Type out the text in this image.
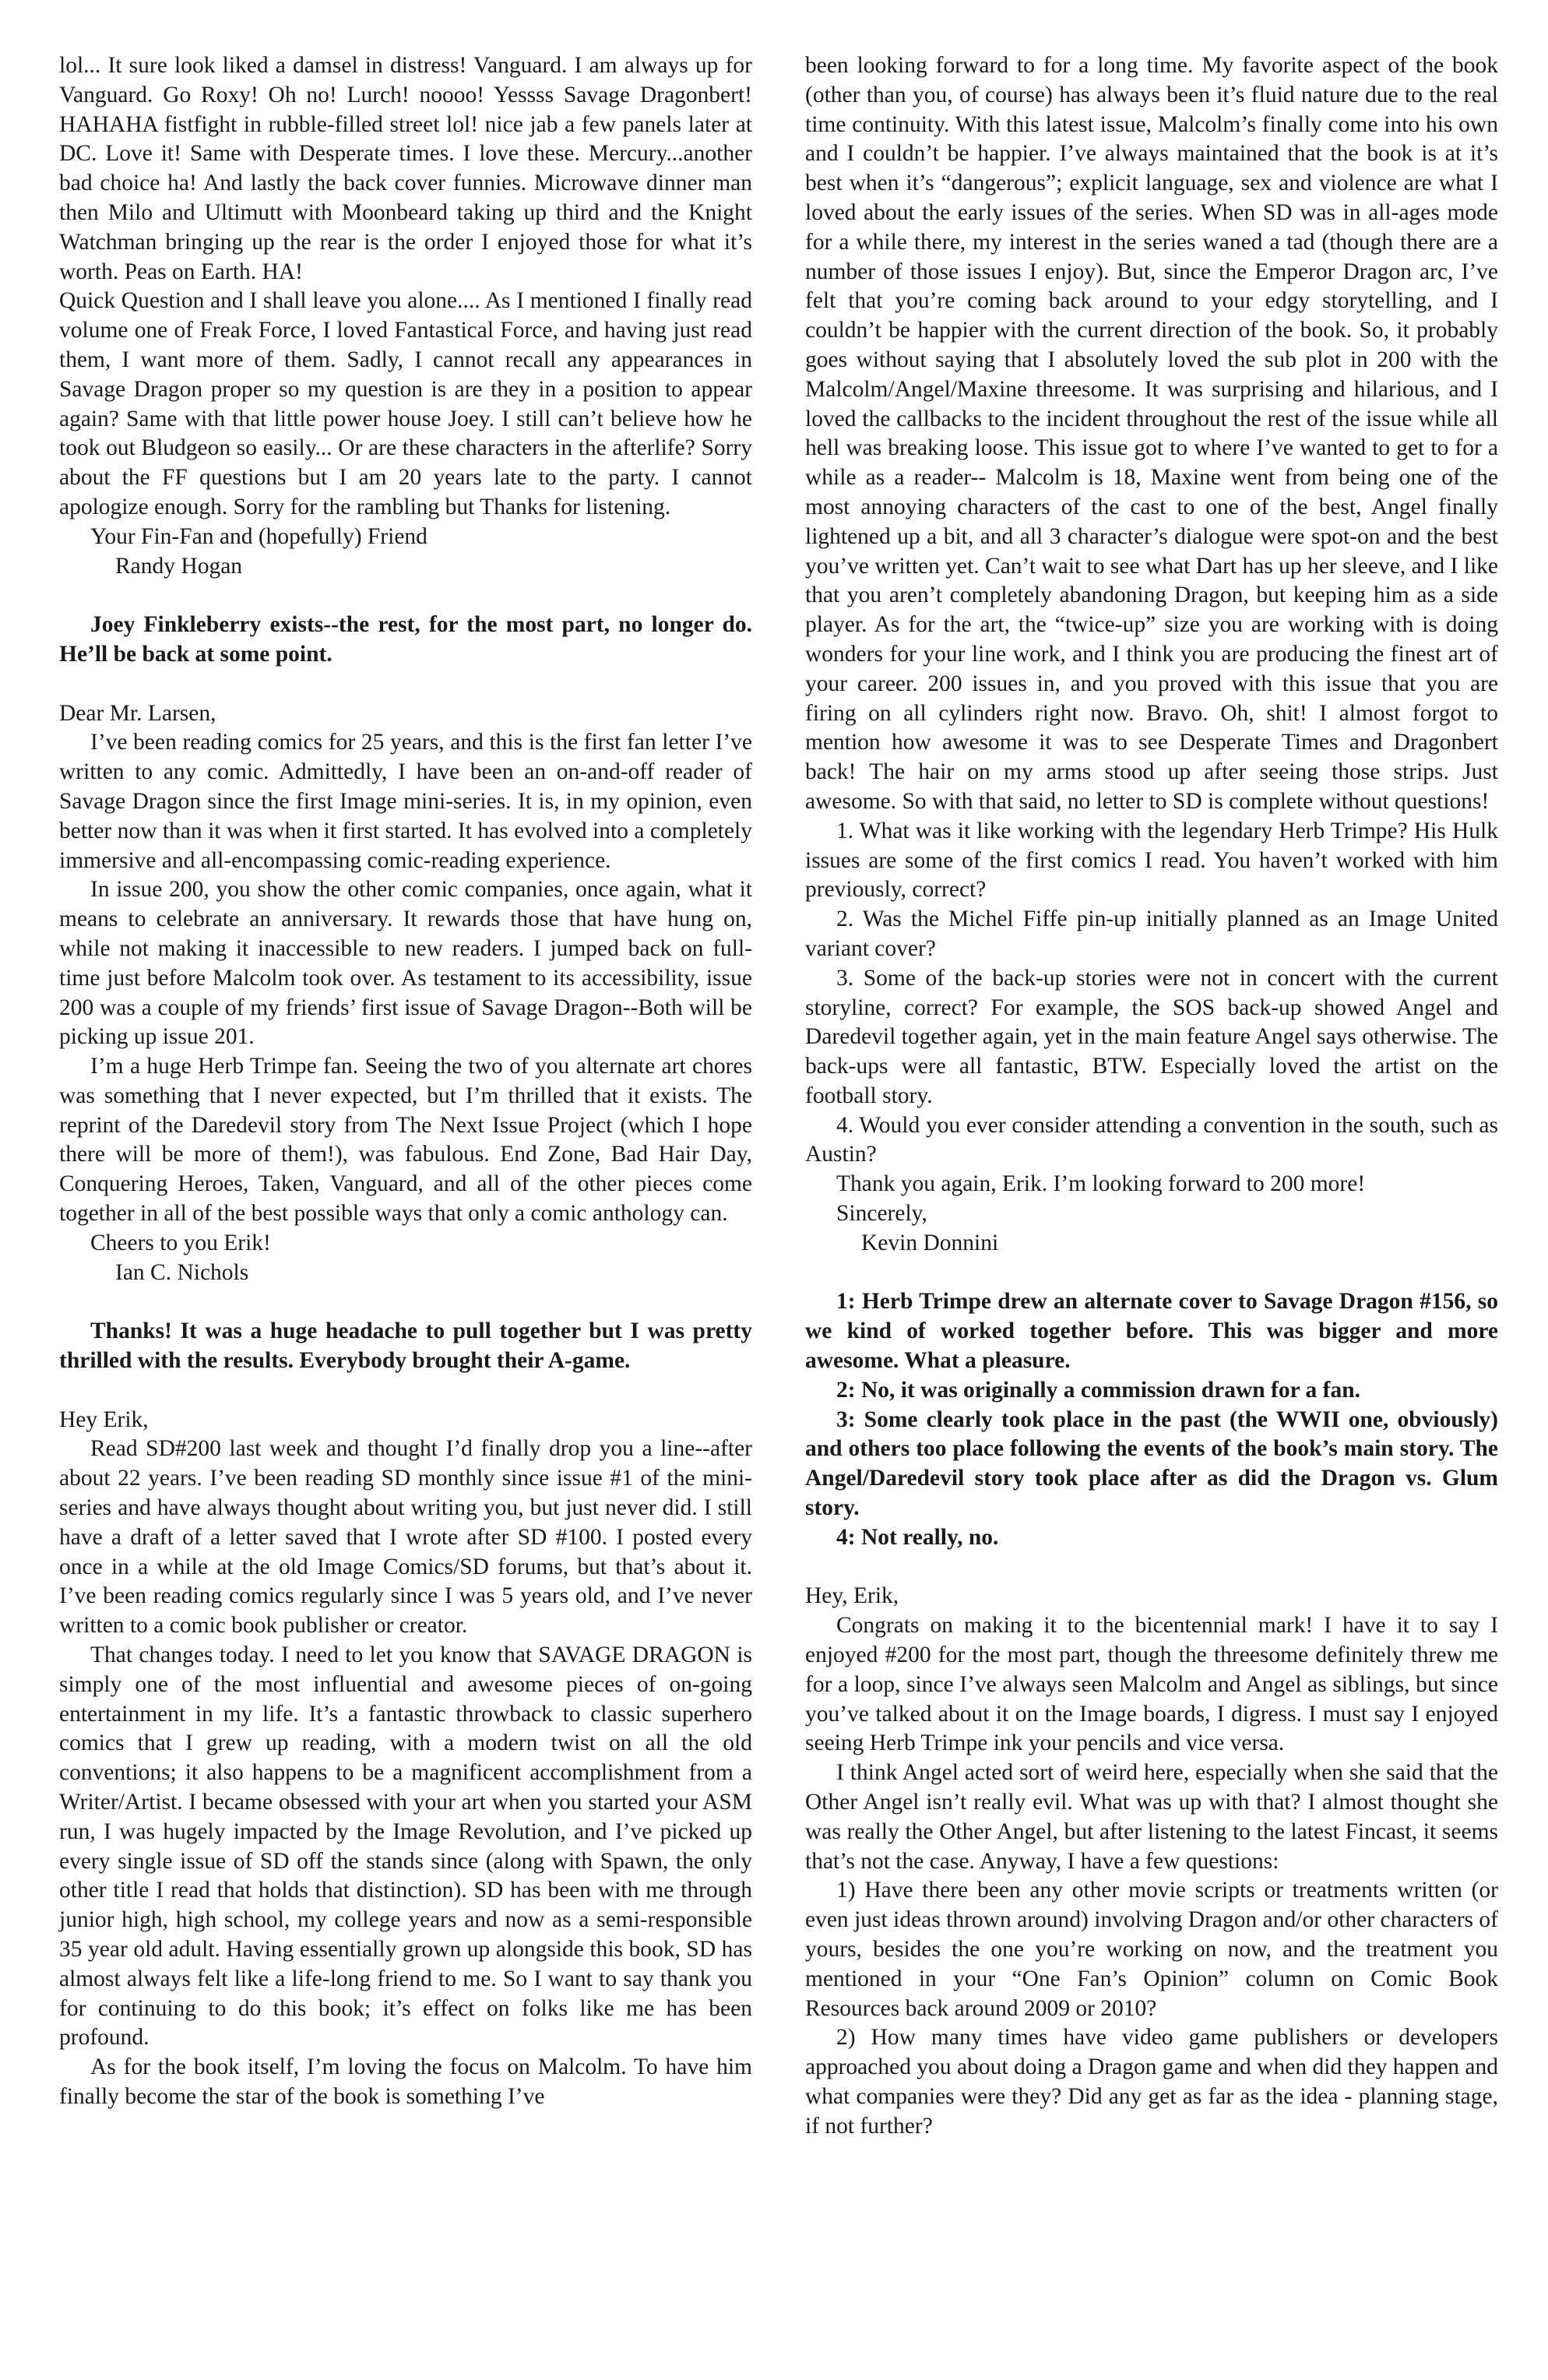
lol... It sure look liked a damsel in distress! Vanguard. I am always up for Vanguard. Go Roxy! Oh no! Lurch! noooo! Yessss Savage Dragonbert! HAHAHA fistfight in rubble-filled street lol! nice jab a few panels later at DC. Love it! Same with Desperate times. I love these. Mercury...another bad choice ha! And lastly the back cover funnies. Microwave dinner man then Milo and Ultimutt with Moonbeard taking up third and the Knight Watchman bringing up the rear is the order I enjoyed those for what it’s worth. Peas on Earth. HA!

Quick Question and I shall leave you alone.... As I mentioned I finally read volume one of Freak Force, I loved Fantastical Force, and having just read them, I want more of them. Sadly, I cannot recall any appearances in Savage Dragon proper so my question is are they in a position to appear again? Same with that little power house Joey. I still can’t believe how he took out Bludgeon so easily... Or are these characters in the afterlife? Sorry about the FF questions but I am 20 years late to the party. I cannot apologize enough. Sorry for the rambling but Thanks for listening.

Your Fin-Fan and (hopefully) Friend

Randy Hogan

Joey Finkleberry exists--the rest, for the most part, no longer do. He’ll be back at some point.

Dear Mr. Larsen,

I’ve been reading comics for 25 years, and this is the first fan letter I’ve written to any comic. Admittedly, I have been an on-and-off reader of Savage Dragon since the first Image mini-series. It is, in my opinion, even better now than it was when it first started. It has evolved into a completely immersive and all-encompassing comic-reading experience.

In issue 200, you show the other comic companies, once again, what it means to celebrate an anniversary. It rewards those that have hung on, while not making it inaccessible to new readers. I jumped back on full-time just before Malcolm took over. As testament to its accessibility, issue 200 was a couple of my friends’ first issue of Savage Dragon--Both will be picking up issue 201.

I’m a huge Herb Trimpe fan. Seeing the two of you alternate art chores was something that I never expected, but I’m thrilled that it exists. The reprint of the Daredevil story from The Next Issue Project (which I hope there will be more of them!), was fabulous. End Zone, Bad Hair Day, Conquering Heroes, Taken, Vanguard, and all of the other pieces come together in all of the best possible ways that only a comic anthology can.

Cheers to you Erik!

Ian C. Nichols

Thanks! It was a huge headache to pull together but I was pretty thrilled with the results. Everybody brought their A-game.

Hey Erik,

Read SD#200 last week and thought I’d finally drop you a line--after about 22 years. I’ve been reading SD monthly since issue #1 of the mini-series and have always thought about writing you, but just never did. I still have a draft of a letter saved that I wrote after SD #100. I posted every once in a while at the old Image Comics/SD forums, but that’s about it. I’ve been reading comics regularly since I was 5 years old, and I’ve never written to a comic book publisher or creator.

That changes today. I need to let you know that SAVAGE DRAGON is simply one of the most influential and awesome pieces of on-going entertainment in my life. It’s a fantastic throwback to classic superhero comics that I grew up reading, with a modern twist on all the old conventions; it also happens to be a magnificent accomplishment from a Writer/Artist. I became obsessed with your art when you started your ASM run, I was hugely impacted by the Image Revolution, and I’ve picked up every single issue of SD off the stands since (along with Spawn, the only other title I read that holds that distinction). SD has been with me through junior high, high school, my college years and now as a semi-responsible 35 year old adult. Having essentially grown up alongside this book, SD has almost always felt like a life-long friend to me. So I want to say thank you for continuing to do this book; it’s effect on folks like me has been profound.

As for the book itself, I’m loving the focus on Malcolm. To have him finally become the star of the book is something I’ve

been looking forward to for a long time. My favorite aspect of the book (other than you, of course) has always been it’s fluid nature due to the real time continuity. With this latest issue, Malcolm’s finally come into his own and I couldn’t be happier. I’ve always maintained that the book is at it’s best when it’s “dangerous”; explicit language, sex and violence are what I loved about the early issues of the series. When SD was in all-ages mode for a while there, my interest in the series waned a tad (though there are a number of those issues I enjoy). But, since the Emperor Dragon arc, I’ve felt that you’re coming back around to your edgy storytelling, and I couldn’t be happier with the current direction of the book. So, it probably goes without saying that I absolutely loved the sub plot in 200 with the Malcolm/Angel/Maxine threesome. It was surprising and hilarious, and I loved the callbacks to the incident throughout the rest of the issue while all hell was breaking loose. This issue got to where I’ve wanted to get to for a while as a reader-- Malcolm is 18, Maxine went from being one of the most annoying characters of the cast to one of the best, Angel finally lightened up a bit, and all 3 character’s dialogue were spot-on and the best you’ve written yet. Can’t wait to see what Dart has up her sleeve, and I like that you aren’t completely abandoning Dragon, but keeping him as a side player. As for the art, the “twice-up” size you are working with is doing wonders for your line work, and I think you are producing the finest art of your career. 200 issues in, and you proved with this issue that you are firing on all cylinders right now. Bravo. Oh, shit! I almost forgot to mention how awesome it was to see Desperate Times and Dragonbert back! The hair on my arms stood up after seeing those strips. Just awesome. So with that said, no letter to SD is complete without questions!

1. What was it like working with the legendary Herb Trimpe? His Hulk issues are some of the first comics I read. You haven’t worked with him previously, correct?

2. Was the Michel Fiffe pin-up initially planned as an Image United variant cover?

3. Some of the back-up stories were not in concert with the current storyline, correct? For example, the SOS back-up showed Angel and Daredevil together again, yet in the main feature Angel says otherwise. The back-ups were all fantastic, BTW. Especially loved the artist on the football story.

4. Would you ever consider attending a convention in the south, such as Austin?

Thank you again, Erik. I’m looking forward to 200 more!

Sincerely,

Kevin Donnini

1: Herb Trimpe drew an alternate cover to Savage Dragon #156, so we kind of worked together before. This was bigger and more awesome. What a pleasure.

2: No, it was originally a commission drawn for a fan.

3: Some clearly took place in the past (the WWII one, obviously) and others too place following the events of the book’s main story. The Angel/Daredevil story took place after as did the Dragon vs. Glum story.

4: Not really, no.

Hey, Erik,

Congrats on making it to the bicentennial mark! I have it to say I enjoyed #200 for the most part, though the threesome definitely threw me for a loop, since I’ve always seen Malcolm and Angel as siblings, but since you’ve talked about it on the Image boards, I digress. I must say I enjoyed seeing Herb Trimpe ink your pencils and vice versa.

I think Angel acted sort of weird here, especially when she said that the Other Angel isn’t really evil. What was up with that? I almost thought she was really the Other Angel, but after listening to the latest Fincast, it seems that’s not the case. Anyway, I have a few questions:

1) Have there been any other movie scripts or treatments written (or even just ideas thrown around) involving Dragon and/or other characters of yours, besides the one you’re working on now, and the treatment you mentioned in your “One Fan’s Opinion” column on Comic Book Resources back around 2009 or 2010?

2) How many times have video game publishers or developers approached you about doing a Dragon game and when did they happen and what companies were they? Did any get as far as the idea - planning stage, if not further?
